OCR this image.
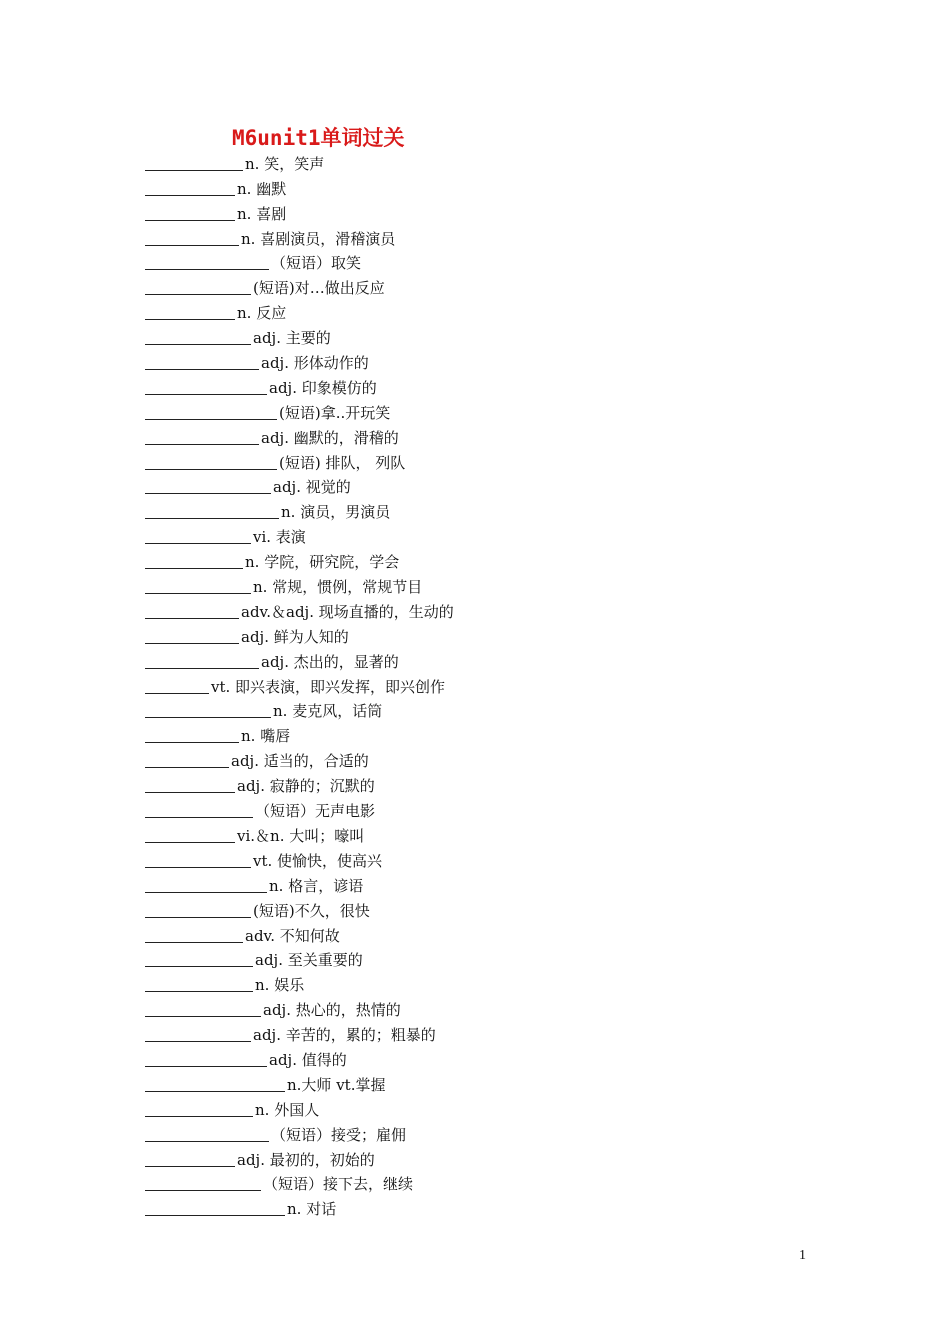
M6unit1单词过关
n. 笑，笑声
n. 幽默
n. 喜剧
n. 喜剧演员，滑稽演员
（短语）取笑
(短语)对…做出反应
n. 反应
adj. 主要的
adj. 形体动作的
adj. 印象模仿的
(短语)拿..开玩笑
adj. 幽默的，滑稽的
(短语) 排队， 列队
adj. 视觉的
n. 演员，男演员
vi. 表演
n. 学院，研究院，学会
n. 常规，惯例，常规节目
adv.＆adj. 现场直播的，生动的
adj. 鲜为人知的
adj. 杰出的，显著的
vt. 即兴表演，即兴发挥，即兴创作
n. 麦克风，话筒
n. 嘴唇
adj. 适当的，合适的
adj. 寂静的；沉默的
（短语）无声电影
vi.＆n. 大叫；嚎叫
vt. 使愉快，使高兴
n. 格言，谚语
(短语)不久，很快
adv. 不知何故
adj. 至关重要的
n. 娱乐
adj. 热心的，热情的
adj. 辛苦的，累的；粗暴的
adj. 值得的
n.大师 vt.掌握
n. 外国人
（短语）接受；雇佣
adj. 最初的，初始的
（短语）接下去，继续
n. 对话
1
